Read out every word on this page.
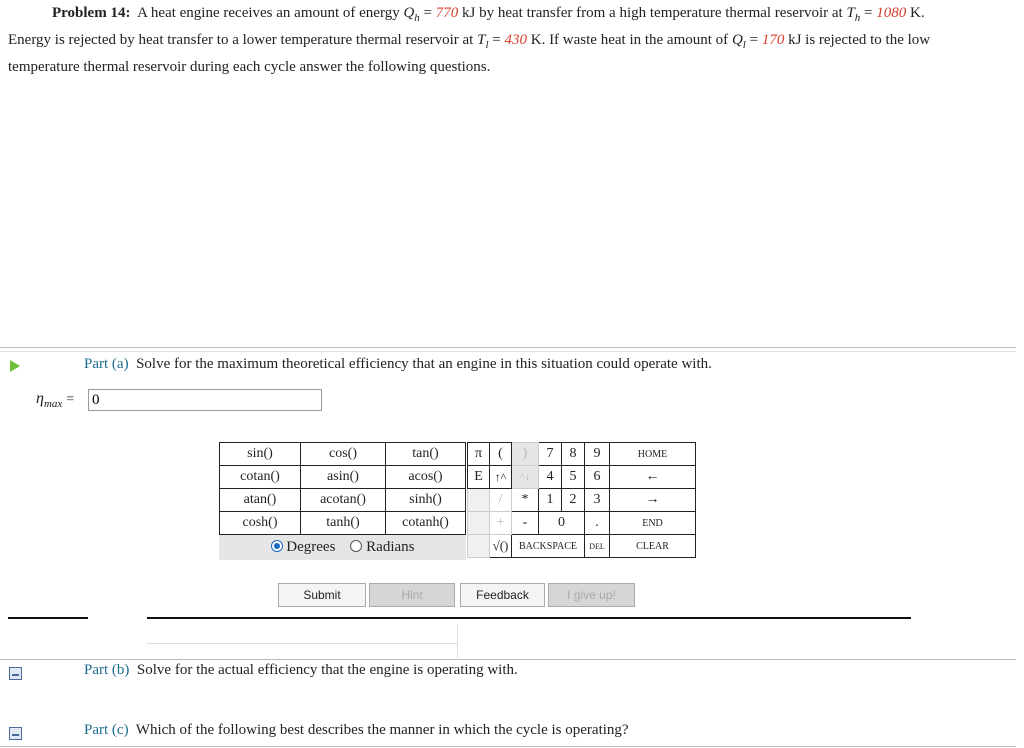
Problem 14: A heat engine receives an amount of energy $Q_h = 770$ kJ by heat transfer from a high temperature thermal reservoir at $T_h = 1080$ K.
Energy is rejected by heat transfer to a lower temperature thermal reservoir at $T_l = 430$ K. If waste heat in the amount of $Q_l = 170$ kJ is rejected to the low
temperature thermal reservoir during each cycle answer the following questions.
Part (a) Solve for the maximum theoretical efficiency that an engine in this situation could operate with.
$\eta_{max}$ =
0
sin()	cos()	tan()
cotan()	asin()	acos()
atan()	acotan()	sinh()
cosh()	tanh()	cotanh()
Degrees Radians		
π	(	)	7	8	9	HOME
E	↑^	^↓	4	5	6	←
	/	*	1	2	3	→
	+	-	0		.	END
	√()	BACKSPACE			DEL	CLEAR
Submit	Hint	Feedback	I give up!
Part (b) Solve for the actual efficiency that the engine is operating with.
Part (c) Which of the following best describes the manner in which the cycle is operating?
